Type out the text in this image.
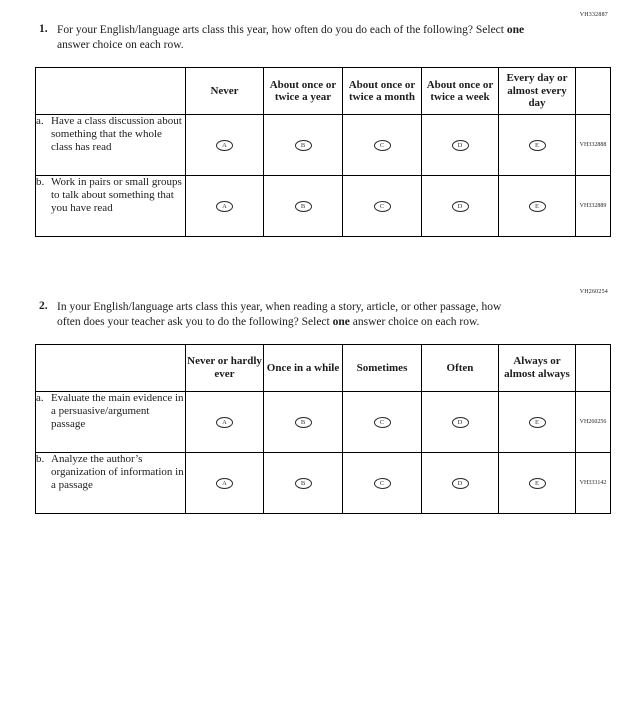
VH332887
1. For your English/language arts class this year, how often do you do each of the following? Select one answer choice on each row.
	Never	About once or twice a year	About once or twice a month	About once or twice a week	Every day or almost every day	

a. Have a class discussion about something that the whole class has read	A	B	C	D	E	VH332888

b. Work in pairs or small groups to talk about something that you have read	A	B	C	D	E	VH332889
VH260254
2. In your English/language arts class this year, when reading a story, article, or other passage, how often does your teacher ask you to do the following? Select one answer choice on each row.
	Never or hardly ever	Once in a while	Sometimes	Often	Always or almost always	

a. Evaluate the main evidence in a persuasive/argument passage	A	B	C	D	E	VH260256

b. Analyze the author’s organization of information in a passage	A	B	C	D	E	VH333142
